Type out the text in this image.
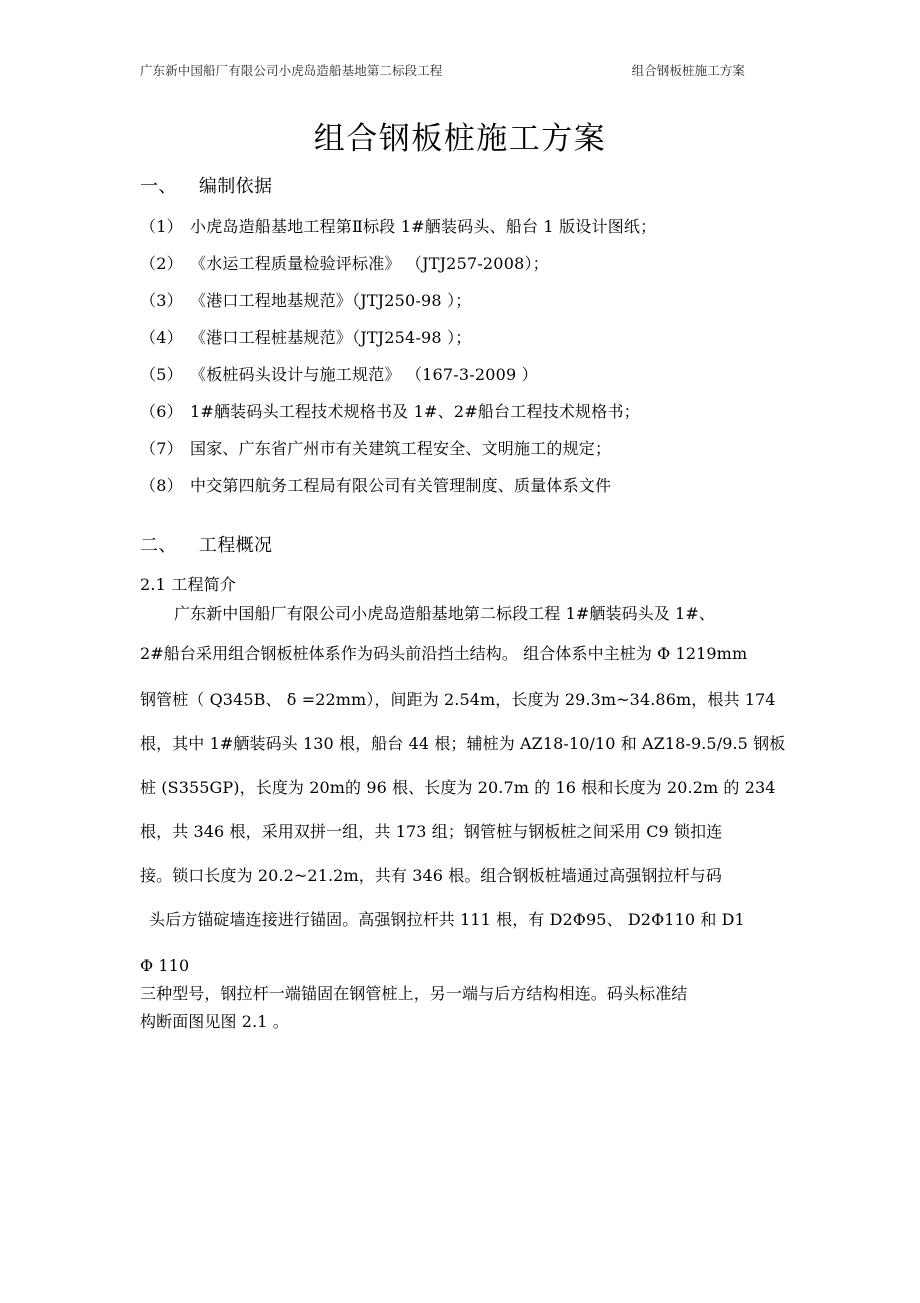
广东新中国船厂有限公司小虎岛造船基地第二标段工程	组合钢板桩施工方案
组合钢板桩施工方案
一、 编制依据
（1） 小虎岛造船基地工程第Ⅱ标段 1#舾装码头、船台 1 版设计图纸；
（2） 《水运工程质量检验评标准》 （JTJ257-2008）；
（3） 《港口工程地基规范》（JTJ250-98 ）；
（4） 《港口工程桩基规范》（JTJ254-98 ）；
（5） 《板桩码头设计与施工规范》 （167-3-2009 ）
（6） 1#舾装码头工程技术规格书及 1#、2#船台工程技术规格书；
（7） 国家、广东省广州市有关建筑工程安全、文明施工的规定；
（8） 中交第四航务工程局有限公司有关管理制度、质量体系文件
二、 工程概况
2.1 工程简介
广东新中国船厂有限公司小虎岛造船基地第二标段工程 1#舾装码头及 1#、
2#船台采用组合钢板桩体系作为码头前沿挡土结构。 组合体系中主桩为 Φ 1219mm
钢管桩（ Q345B、 δ =22mm），间距为 2.54m，长度为 29.3m~34.86m，根共 174
根，其中 1#舾装码头 130 根，船台 44 根；辅桩为 AZ18-10/10 和 AZ18-9.5/9.5 钢板
桩 (S355GP)，长度为 20m的 96 根、长度为 20.7m 的 16 根和长度为 20.2m 的 234
根，共 346 根，采用双拼一组，共 173 组；钢管桩与钢板桩之间采用 C9 锁扣连
接。锁口长度为 20.2~21.2m，共有 346 根。组合钢板桩墙通过高强钢拉杆与码
头后方锚碇墙连接进行锚固。高强钢拉杆共 111 根，有 D2Φ95、 D2Φ110 和 D1
Φ 110
三种型号，钢拉杆一端锚固在钢管桩上，另一端与后方结构相连。码头标准结
构断面图见图 2.1 。
